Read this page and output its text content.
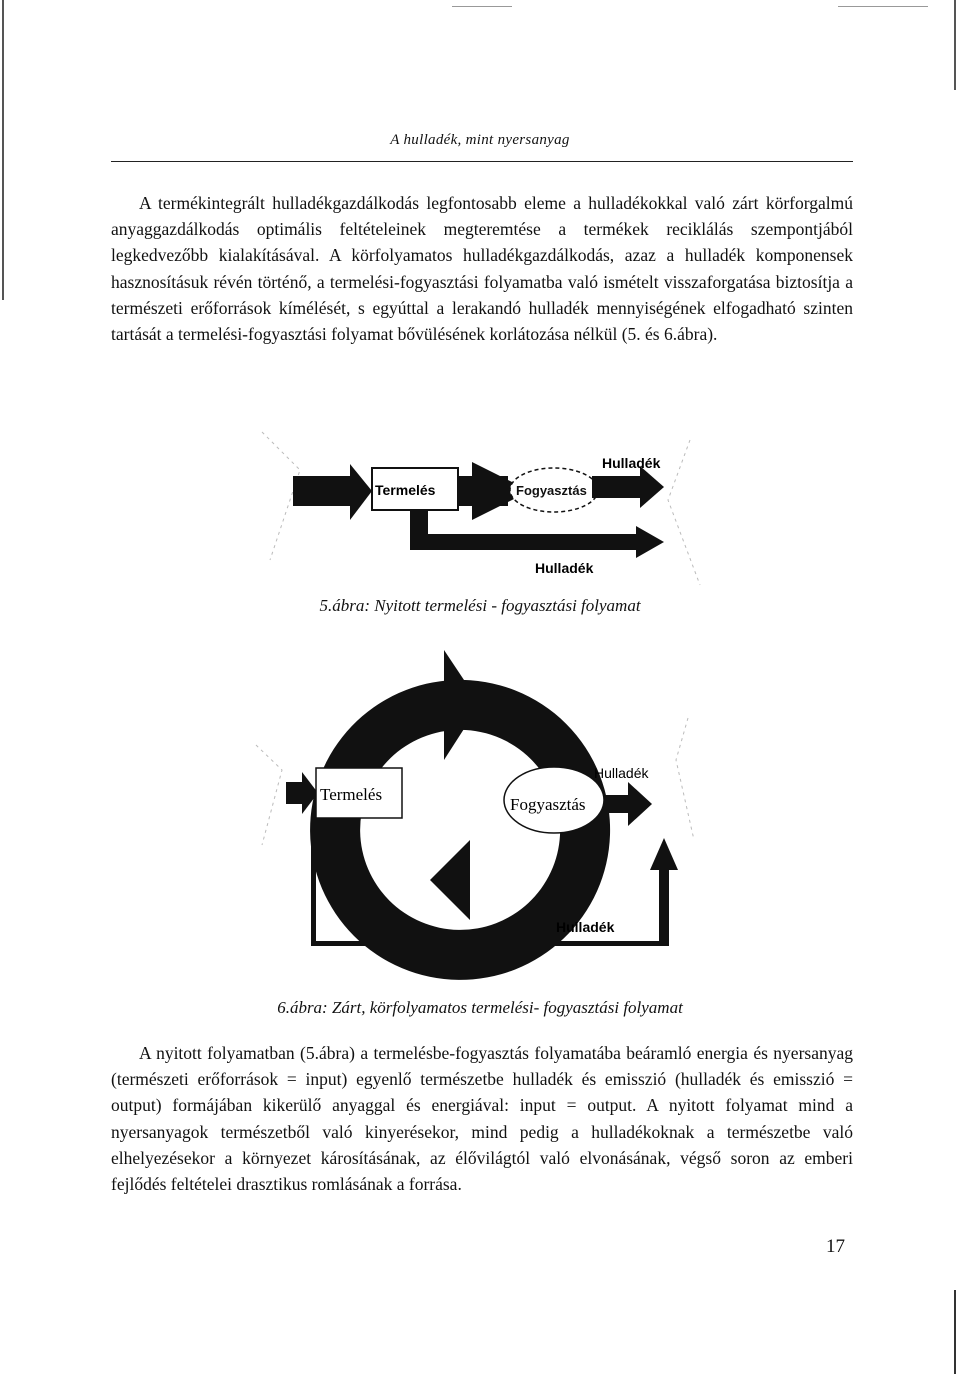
A hulladék, mint nyersanyag

A termékintegrált hulladékgazdálkodás legfontosabb eleme a hulladékokkal való zárt körforgalmú anyaggazdálkodás optimális feltételeinek megteremtése a termékek reciklálás szempontjából legkedvezőbb kialakításával. A körfolyamatos hulladékgazdálkodás, azaz a hulladék komponensek hasznosításuk révén történő, a termelési-fogyasztási folyamatba való ismételt visszaforgatása biztosítja a természeti erőforrások kímélését, s egyúttal a lerakandó hulladék mennyiségének elfogadható szinten tartását a termelési-fogyasztási folyamat bővülésének korlátozása nélkül (5. és 6.ábra).

Termelés	Fogyasztás
Hulladék
Hulladék
5.ábra: Nyitott termelési - fogyasztási folyamat
Termelés
Fogyasztás
Hulladék
Hulladék
6.ábra: Zárt, körfolyamatos termelési- fogyasztási folyamat

A nyitott folyamatban (5.ábra) a termelésbe-fogyasztás folyamatába beáramló energia és nyersanyag (természeti erőforrások = input) egyenlő természetbe hulladék és emisszió (hulladék és emisszió = output) formájában kikerülő anyaggal és energiával: input = output. A nyitott folyamat mind a nyersanyagok természetből való kinyerésekor, mind pedig a hulladékoknak a természetbe való elhelyezésekor a környezet károsításának, az élővilágtól való elvonásának, végső soron az emberi fejlődés feltételei drasztikus romlásának a forrása.

17
